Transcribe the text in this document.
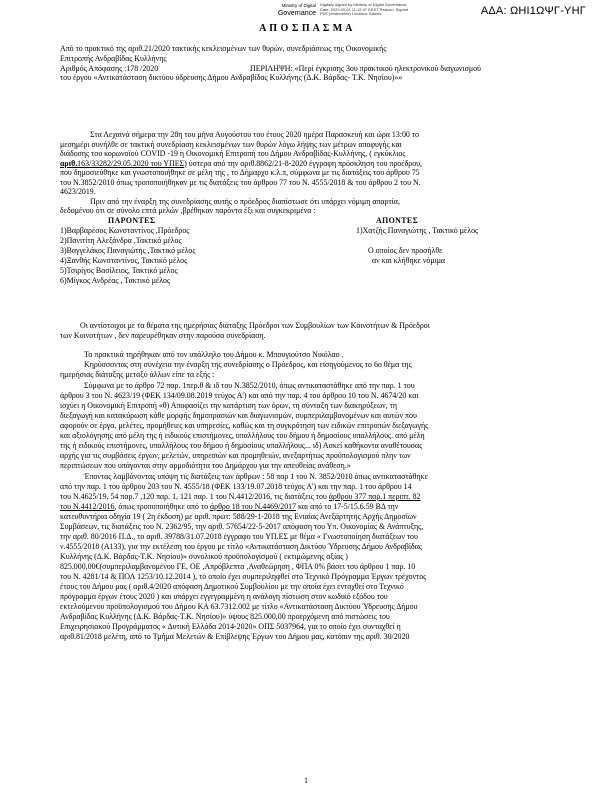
ΑΔΑ: ΩΗΙ1ΩΨΓ-ΥΗΓ
Ministry of Digital
Governance
Digitally signed by Ministry of Digital Governance Date: 2020.09.01 11:12:47 EEST Reason: Signed PDF (embedded) Location: Athens
Α Π Ο Σ Π Α Σ Μ Α
Από το πρακτικό της αριθ.21/2020 τακτικής κεκλεισμένων των θυρών, συνεδριάσεως της Οικονομικής
Επιτροπής Ανδραβίδας Κυλλήνης
Αριθμός Απόφασης :178 /2020	ΠΕΡΙΛΗΨΗ: «Περί έγκρισης 3ου πρακτικού ηλεκτρονικού διαγωνισμού
του έργου «Αντικατάσταση δικτύου ύδρευσης Δήμου Ανδραβίδας Κυλλήνης (Δ.Κ. Βάρδας- Τ.Κ. Νησίου)»»
Στα Λεχαινά σήμερα την 28η του μήνα Αυγούστου του έτους 2020 ημέρα Παρασκευή και ώρα 13:00 το
μεσημέρι συνήλθε σε τακτική συνεδρίαση κεκλεισμένων των θυρών λόγω λήψης των μέτρων αποφυγής και
διάδοσης του κορωνοϊού COVID -19 η Οικονομική Επιτροπή του Δήμου Ανδραβίδας-Κυλλήνης, ( εγκύκλιος
αριθ.163/33282/29.05.2020 του ΥΠΕΣ) ύστερα από την αριθ.8862/21-8-2020 έγγραφη πρόσκληση του προέδρου,
που δημοσιεύθηκε και γνωστοποιήθηκε σε μέλη της , το Δήμαρχο κ.λ.π, σύμφωνα με τις διατάξεις του άρθρου 75
του Ν.3852/2010 όπως τροποποιήθηκαν με τις διατάξεις του άρθρου 77 του Ν. 4555/2018 & του άρθρου 2 του Ν.
4623/2019.
Πριν από την έναρξη της συνεδρίασης αυτής ο πρόεδρος διαπίστωσε ότι υπάρχει νόμιμη απαρτία,
δεδομένου ότι σε σύνολο επτά μελών ,βρέθηκαν παρόντα έξι και συγκεκριμένα :
ΠΑΡΟΝΤΕΣ	ΑΠΟΝΤΕΣ
1)Βαρβαρέσος Κωνσταντίνος ,Πρόεδρος
2)Πανιτίτη Αλεξάνδρα ,Τακτικό μέλος
3)Βαγγελάκος Παναγιώτης ,Τακτικό μέλος
4)Ξανθής Κωνσταντίνος, Τακτικό μέλος
5)Τσιρίγος Βασίλειος, Τακτικό μέλος
6)Μίγκος Ανδρέας , Τακτικό μέλος
1)Χατζής Παναγιώτης , Τακτικό μέλος
Ο οποίος δεν προσήλθε
αν και κλήθηκε νόμιμα
Οι αντίστοιχοι με τα θέματα της ημερήσιας διάταξης Πρόεδροι των Συμβουλίων των Κοινοτήτων & Πρόεδροι
των Κοινοτήτων , δεν παρευρέθηκαν στην παρούσα συνεδρίαση.
Τα πρακτικά τηρήθηκαν από τον υπάλληλο του Δήμου κ. Μπουγιούτσο Νικόλαο .
Κηρύσσοντας στη συνέχεια την έναρξη της συνεδρίασης ο Πρόεδρος, και εισηγούμενος το 6ο θέμα της
ημερήσιας διάταξης μεταξύ άλλων είπε τα εξής :
Σύμφωνα με το άρθρο 72 παρ. 1περ.θ & ιδ του Ν.3852/2010, όπως αντικαταστάθηκε από την παρ. 1 του
άρθρου 3 του Ν. 4623/19 (ΦΕΚ 134/09.08.2019 τεύχος Α') και από την παρ. 4 του άρθρου 10 του Ν. 4674/20 και
ισχύει η Οικονομική Επιτροπή «θ) Αποφασίζει την κατάρτιση των όρων, τη σύνταξη των διακηρύξεων, τη
διεξαγωγή και κατακύρωση κάθε μορφής δημοπρασιών και διαγωνισμών, συμπεριλαμβανομένων και αυτών που
αφορούν σε έργα, μελέτες, προμήθειες και υπηρεσίες, καθώς και τη συγκρότηση των ειδικών επιτροπών διεξαγωγής
και αξιολόγησης από μέλη της ή ειδικούς επιστήμονες, υπαλλήλους του δήμου ή δημοσίους υπαλλήλους. από μέλη
της ή ειδικούς επιστήμονες, υπαλλήλους του δήμου ή δημοσίους υπαλλήλους... ιδ) Ασκεί καθήκοντα αναθέτουσας
αρχής για τις συμβάσεις έργων, μελετών, υπηρεσιών και προμηθειών, ανεξαρτήτως προϋπολογισμού πλην των
περιπτώσεων που υπάγονται στην αρμοδιότητα του Δημάρχου για την απευθείας ανάθεση.»
Έποντας λαμβάνοντας υπόψη τις διατάξεις των άρθρων : 58 παρ 1 του Ν. 3852/2010 όπως αντικαταστάθηκε
από την παρ. 1 του άρθρου 203 του Ν. 4555/18 (ΦΕΚ 133/19.07.2018 τεύχος Α') και την παρ. 1 του άρθρου 14
του Ν.4625/19, 54 παρ.7 ,120 παρ. 1, 121 παρ. 1 του Ν.4412/2016, τις διατάξεις του άρθρου 377 παρ.1 περιπτ. 82
του Ν.4412/2016, όπως τροποποιήθηκε από το άρθρο 18 του Ν.4469/2017 και από το 17-5/15.6.59 ΒΔ την
κατευθυντήρια οδηγία 19 ( 2η έκδοση) με αριθ. πρωτ: 588/29-1-2018 της Ενιαίας Ανεξάρτητης Αρχής Δημοσίων
Συμβάσεων, τις διατάξεις του Ν. 2362/95, την αριθ. 57654/22-5-2017 απόφαση του Υπ. Οικονομίας & Ανάπτυξης,
την αριθ. 80/2016 Π.Δ., το αριθ. 39788/31.07.2018 έγγραφο του ΥΠ.ΕΣ με θέμα « Γνωστοποίηση διατάξεων του
ν.4555/2018 (Α133), για την εκτέλεση του έργου με τίτλο «Αντικατάσταση Δικτύου Ύδρευσης Δήμου Ανδραβίδας
Κυλλήνης (Δ.Κ. Βάρδας-Τ.Κ. Νησίου)» συνολικού προϋπολογισμού ( εκτιμώμενης αξίας )
825.000,00€(συμπεριλαμβανομένου ΓΕ, ΟΕ ,Απρόβλεπτα ,Αναθεώρηση , ΦΠΑ 0% βάσει του άρθρου 1 παρ. 10
του Ν. 4281/14 & ΠΟΛ 1253/10.12.2014 ), το οποίο έχει συμπεριληφθεί στο Τεχνικό Πρόγραμμα Έργων τρέχοντος
έτους του Δήμου μας ( αριθ.4/2020 απόφαση Δημοτικού Συμβουλίου με την οποία έχει ενταχθεί στο Τεχνικό
πρόγραμμα έργων έτους 2020 ) και υπάρχει εγγεγραμμένη η ανάλογη πίστωση στον κωδικό εξόδου του
εκτελούμενου προϋπολογισμού του Δήμου ΚΑ 63.7312.002 με τίτλο «Αντικατάσταση Δικτύου Ύδρευσης Δήμου
Ανδραβίδας Κυλλήνης (Δ.Κ. Βάρδας-Τ.Κ. Νησίου)» ύψους 825.000,00 προερχόμενη από πιστώσεις του
Επιχειρησιακού Προγράμματος « Δυτική Ελλάδα 2014-2020» ΟΠΣ 5037964, για το οποίο έχει συνταχθεί η
αριθ.81/2018 μελέτη, από το Τμήμα Μελετών & Επίβλεψης Έργων του Δήμου μας, κατόπιν της αριθ. 30/2020
1
